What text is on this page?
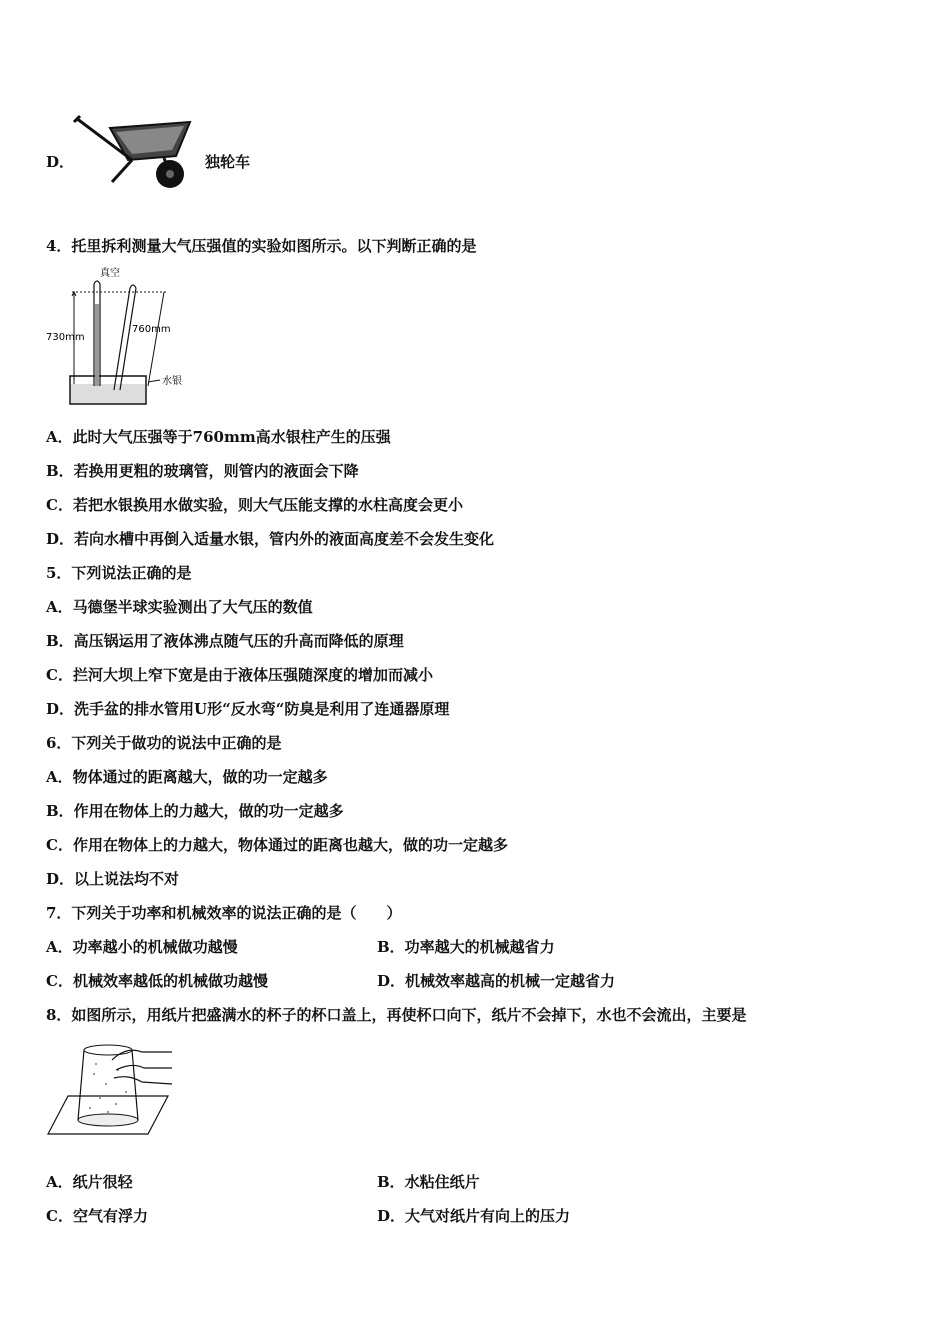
D．	独轮车
4．托里拆利测量大气压强值的实验如图所示。以下判断正确的是
真空
730mm
760mm
水银
A．此时大气压强等于760mm高水银柱产生的压强
B．若换用更粗的玻璃管，则管内的液面会下降
C．若把水银换用水做实验，则大气压能支撑的水柱高度会更小
D．若向水槽中再倒入适量水银，管内外的液面高度差不会发生变化
5．下列说法正确的是
A．马德堡半球实验测出了大气压的数值
B．高压锅运用了液体沸点随气压的升高而降低的原理
C．拦河大坝上窄下宽是由于液体压强随深度的增加而减小
D．洗手盆的排水管用U形“反水弯“防臭是利用了连通器原理
6．下列关于做功的说法中正确的是
A．物体通过的距离越大，做的功一定越多
B．作用在物体上的力越大，做的功一定越多
C．作用在物体上的力越大，物体通过的距离也越大，做的功一定越多
D．以上说法均不对
7．下列关于功率和机械效率的说法正确的是（　　）
A．功率越小的机械做功越慢	B．功率越大的机械越省力
C．机械效率越低的机械做功越慢	D．机械效率越高的机械一定越省力
8．如图所示，用纸片把盛满水的杯子的杯口盖上，再使杯口向下，纸片不会掉下，水也不会流出，主要是
A．纸片很轻	B．水粘住纸片
C．空气有浮力	D．大气对纸片有向上的压力
